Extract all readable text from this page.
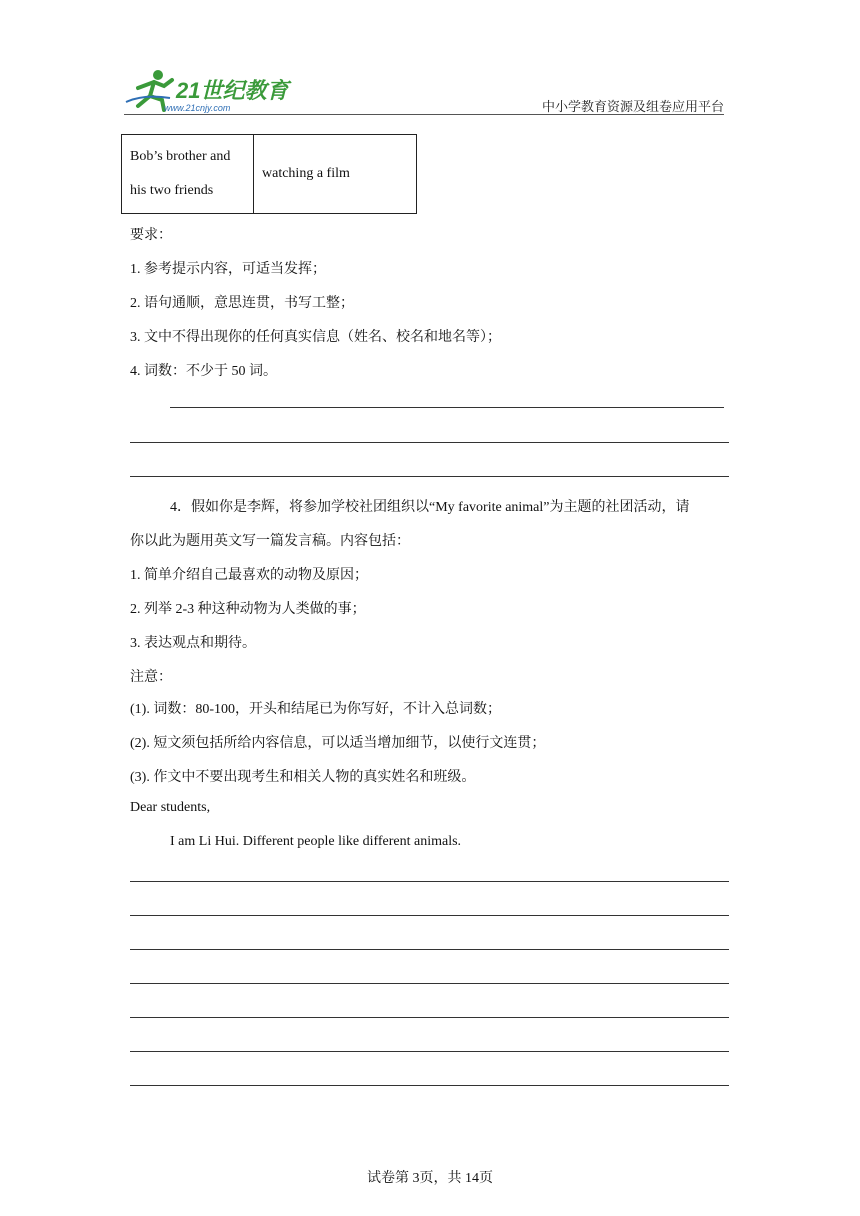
21世纪教育
www.21cnjy.com	中小学教育资源及组卷应用平台
Bob’s brother and his two friends	watching a film
要求：
1. 参考提示内容，可适当发挥；
2. 语句通顺，意思连贯，书写工整；
3. 文中不得出现你的任何真实信息（姓名、校名和地名等）；
4. 词数：不少于 50 词。
4．假如你是李辉，将参加学校社团组织以“My favorite animal”为主题的社团活动，请
你以此为题用英文写一篇发言稿。内容包括：
1. 简单介绍自己最喜欢的动物及原因；
2. 列举 2-3 种这种动物为人类做的事；
3. 表达观点和期待。
注意：
(1). 词数：80-100，开头和结尾已为你写好，不计入总词数；
(2). 短文须包括所给内容信息，可以适当增加细节，以使行文连贯；
(3). 作文中不要出现考生和相关人物的真实姓名和班级。
Dear students,
I am Li Hui. Different people like different animals.
试卷第 3页，共 14页
